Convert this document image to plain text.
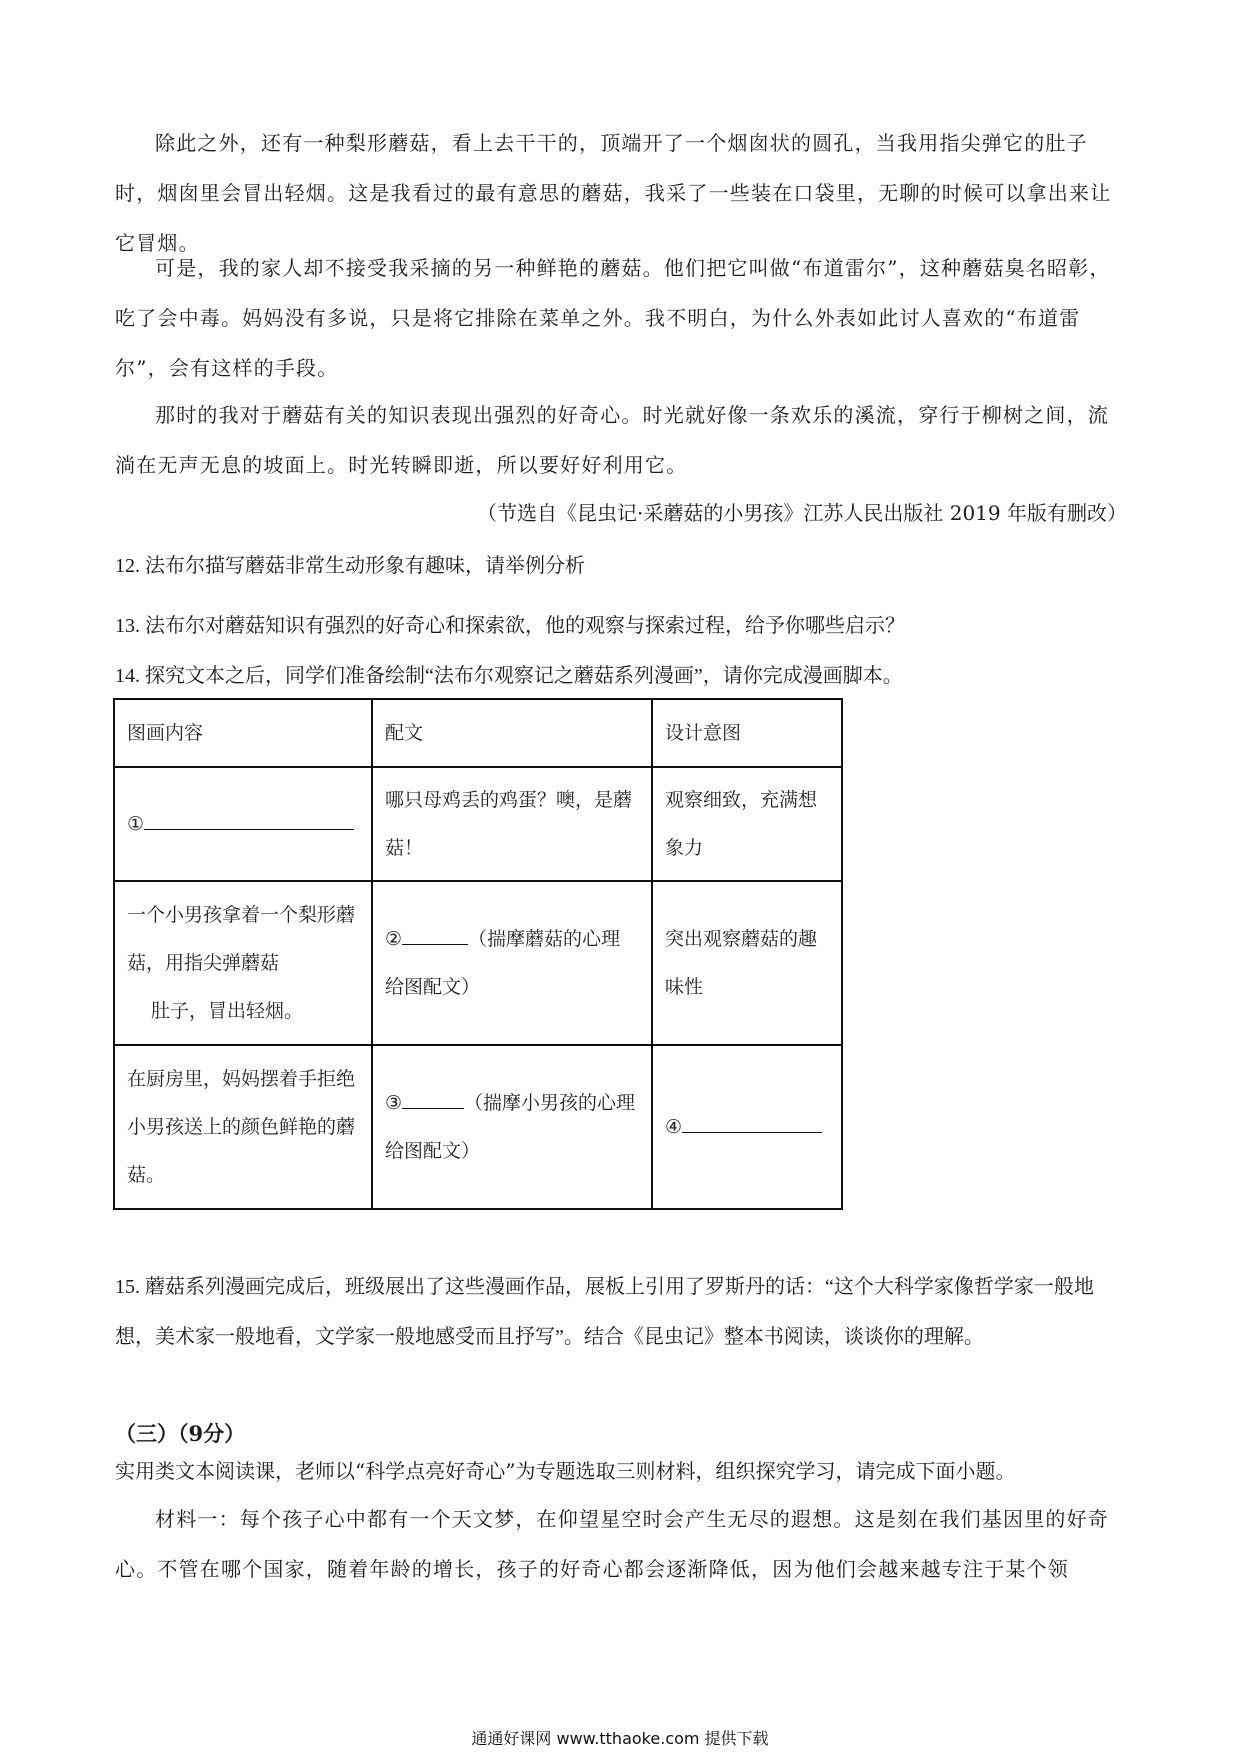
除此之外，还有一种梨形蘑菇，看上去干干的，顶端开了一个烟囱状的圆孔，当我用指尖弹它的肚子时，烟囱里会冒出轻烟。这是我看过的最有意思的蘑菇，我采了一些装在口袋里，无聊的时候可以拿出来让它冒烟。

可是，我的家人却不接受我采摘的另一种鲜艳的蘑菇。他们把它叫做“布道雷尔”，这种蘑菇臭名昭彰，吃了会中毒。妈妈没有多说，只是将它排除在菜单之外。我不明白，为什么外表如此讨人喜欢的“布道雷尔”，会有这样的手段。

那时的我对于蘑菇有关的知识表现出强烈的好奇心。时光就好像一条欢乐的溪流，穿行于柳树之间，流淌在无声无息的坡面上。时光转瞬即逝，所以要好好利用它。

（节选自《昆虫记·采蘑菇的小男孩》江苏人民出版社 2019 年版有删改）

12. 法布尔描写蘑菇非常生动形象有趣味，请举例分析

13. 法布尔对蘑菇知识有强烈的好奇心和探索欲，他的观察与探索过程，给予你哪些启示？

14. 探究文本之后，同学们准备绘制“法布尔观察记之蘑菇系列漫画”，请你完成漫画脚本。

图画内容	配文	设计意图
①	哪只母鸡丢的鸡蛋？噢，是蘑菇！	观察细致，充满想象力
一个小男孩拿着一个梨形蘑菇，用指尖弹蘑菇
肚子，冒出轻烟。	② （揣摩蘑菇的心理给图配文）	突出观察蘑菇的趣味性
在厨房里，妈妈摆着手拒绝小男孩送上的颜色鲜艳的蘑菇。	③ （揣摩小男孩的心理给图配文）	④

15. 蘑菇系列漫画完成后，班级展出了这些漫画作品，展板上引用了罗斯丹的话：“这个大科学家像哲学家一般地想，美术家一般地看，文学家一般地感受而且抒写”。结合《昆虫记》整本书阅读，谈谈你的理解。

（三）（9分）

实用类文本阅读课，老师以“科学点亮好奇心”为专题选取三则材料，组织探究学习，请完成下面小题。

材料一：每个孩子心中都有一个天文梦，在仰望星空时会产生无尽的遐想。这是刻在我们基因里的好奇心。不管在哪个国家，随着年龄的增长，孩子的好奇心都会逐渐降低，因为他们会越来越专注于某个领

通通好课网 www.tthaoke.com 提供下载
